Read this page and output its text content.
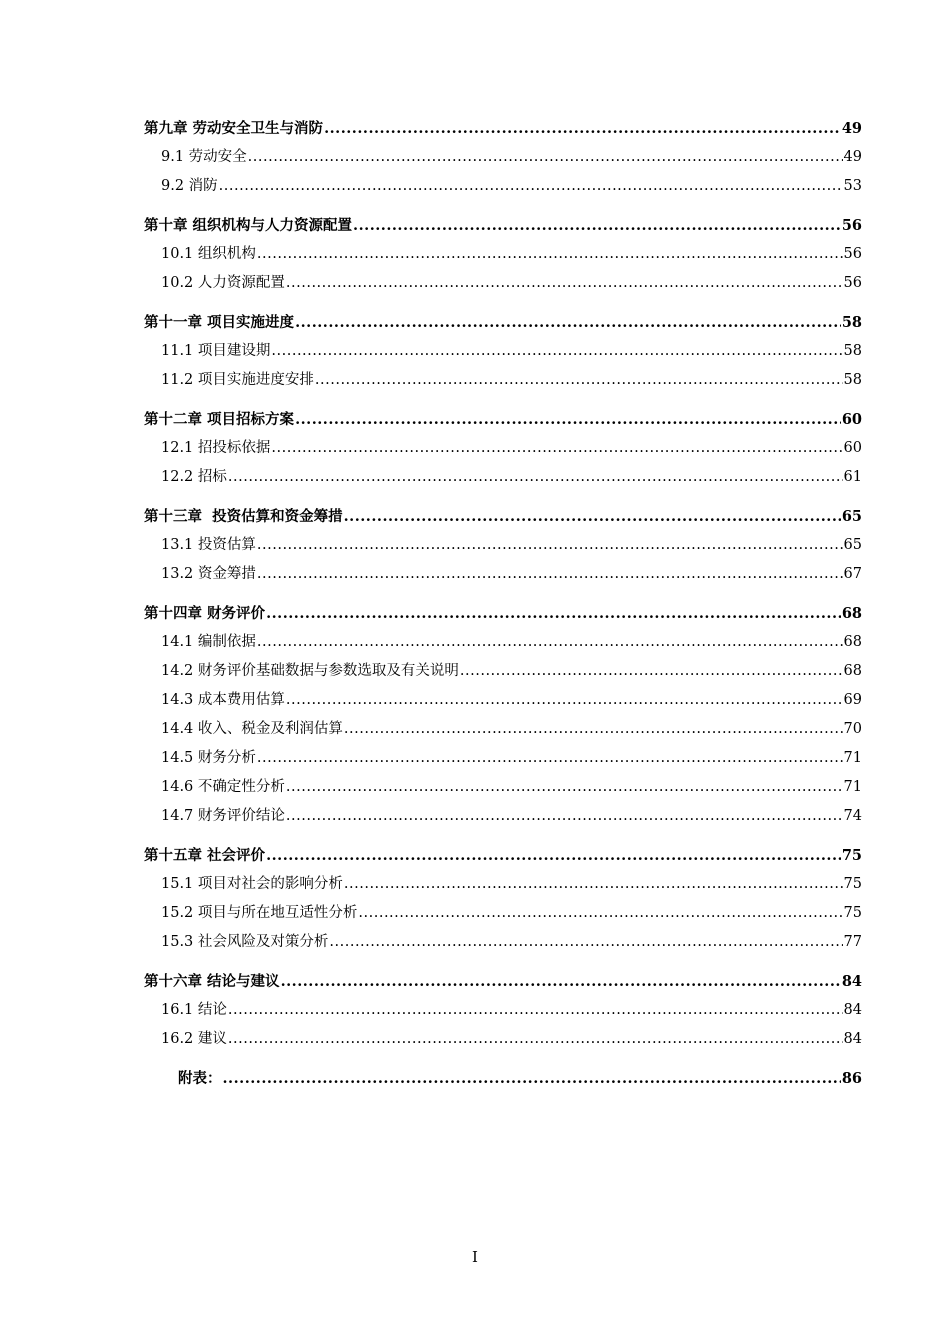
第九章 劳动安全卫生与消防 .....	49
9.1 劳动安全 .....	49
9.2 消防 .....	53
第十章 组织机构与人力资源配置 .....	56
10.1 组织机构 .....	56
10.2 人力资源配置 .....	56
第十一章 项目实施进度 .....	58
11.1 项目建设期 .....	58
11.2 项目实施进度安排 .....	58
第十二章 项目招标方案 .....	60
12.1 招投标依据 .....	60
12.2 招标 .....	61
第十三章  投资估算和资金筹措 .....	65
13.1 投资估算 .....	65
13.2 资金筹措 .....	67
第十四章 财务评价 .....	68
14.1 编制依据 .....	68
14.2 财务评价基础数据与参数选取及有关说明 .....	68
14.3 成本费用估算 .....	69
14.4 收入、税金及利润估算 .....	70
14.5 财务分析 .....	71
14.6 不确定性分析 .....	71
14.7 财务评价结论 .....	74
第十五章 社会评价 .....	75
15.1 项目对社会的影响分析 .....	75
15.2 项目与所在地互适性分析 .....	75
15.3 社会风险及对策分析 .....	77
第十六章 结论与建议 .....	84
16.1 结论 .....	84
16.2 建议 .....	84
附表： .....	86
I
